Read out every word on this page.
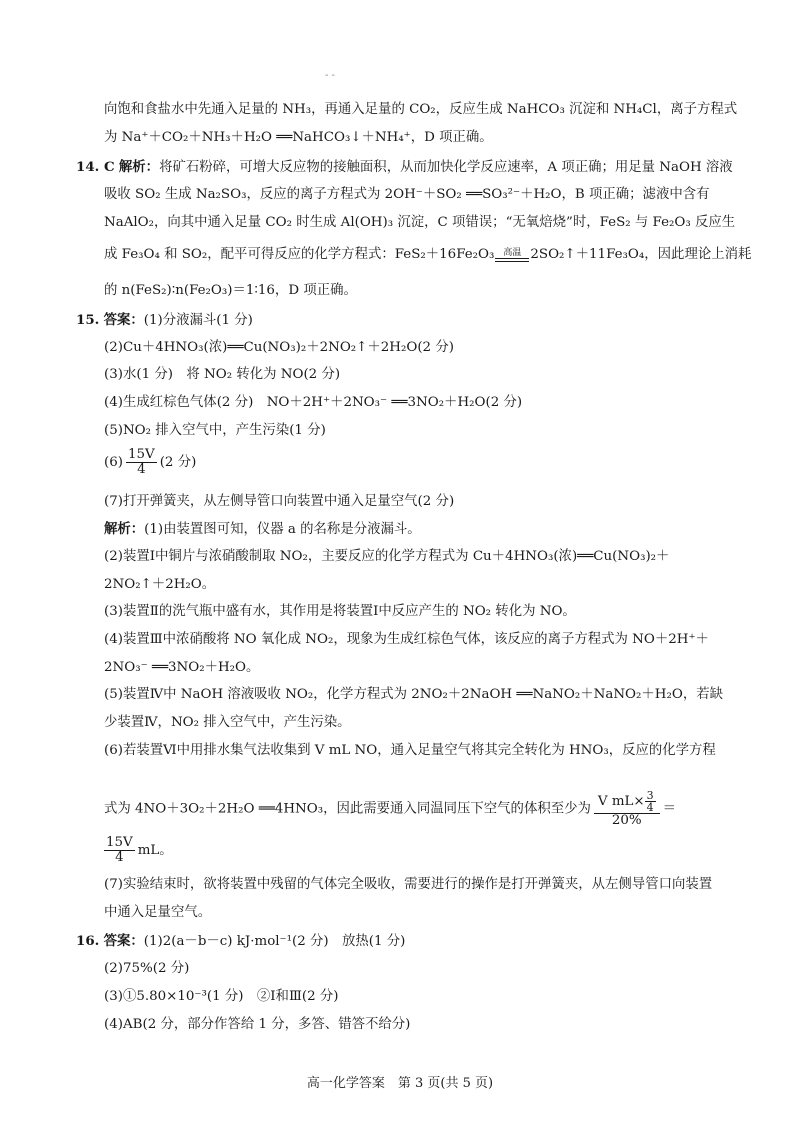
- -
向饱和食盐水中先通入足量的 NH₃，再通入足量的 CO₂，反应生成 NaHCO₃ 沉淀和 NH₄Cl，离子方程式
为 Na⁺＋CO₂＋NH₃＋H₂O ══NaHCO₃↓＋NH₄⁺，D 项正确。
14. C 解析：将矿石粉碎，可增大反应物的接触面积，从而加快化学反应速率，A 项正确；用足量 NaOH 溶液
吸收 SO₂ 生成 Na₂SO₃，反应的离子方程式为 2OH⁻＋SO₂ ══SO₃²⁻＋H₂O，B 项正确；滤液中含有
NaAlO₂，向其中通入足量 CO₂ 时生成 Al(OH)₃ 沉淀，C 项错误；“无氧焙烧”时，FeS₂ 与 Fe₂O₃ 反应生
成 Fe₃O₄ 和 SO₂，配平可得反应的化学方程式：FeS₂＋16Fe₂O₃ 高温 2SO₂↑＋11Fe₃O₄，因此理论上消耗
的 n(FeS₂)∶n(Fe₂O₃)＝1∶16，D 项正确。
15. 答案：(1)分液漏斗(1 分)
(2)Cu＋4HNO₃(浓)══Cu(NO₃)₂＋2NO₂↑＋2H₂O(2 分)
(3)水(1 分)　将 NO₂ 转化为 NO(2 分)
(4)生成红棕色气体(2 分)　NO＋2H⁺＋2NO₃⁻ ══3NO₂＋H₂O(2 分)
(5)NO₂ 排入空气中，产生污染(1 分)
$(6) \frac{15V}{4} (2$ 分)
(7)打开弹簧夹，从左侧导管口向装置中通入足量空气(2 分)
解析：(1)由装置图可知，仪器 a 的名称是分液漏斗。
(2)装置Ⅰ中铜片与浓硝酸制取 NO₂，主要反应的化学方程式为 Cu＋4HNO₃(浓)══Cu(NO₃)₂＋
2NO₂↑＋2H₂O。
(3)装置Ⅱ的洗气瓶中盛有水，其作用是将装置Ⅰ中反应产生的 NO₂ 转化为 NO。
(4)装置Ⅲ中浓硝酸将 NO 氧化成 NO₂，现象为生成红棕色气体，该反应的离子方程式为 NO＋2H⁺＋
2NO₃⁻ ══3NO₂＋H₂O。
(5)装置Ⅳ中 NaOH 溶液吸收 NO₂，化学方程式为 2NO₂＋2NaOH ══NaNO₂＋NaNO₂＋H₂O，若缺
少装置Ⅳ，NO₂ 排入空气中，产生污染。
(6)若装置Ⅵ中用排水集气法收集到 V mL NO，通入足量空气将其完全转化为 HNO₃，反应的化学方程
式为 4NO＋3O₂＋2H₂O ══4HNO₃，因此需要通入同温同压下空气的体积至少为 $\frac{V mL\times \frac{3}{4}}{20\%}$ ＝
$\frac{15V}{4}$ mL。
(7)实验结束时，欲将装置中残留的气体完全吸收，需要进行的操作是打开弹簧夹，从左侧导管口向装置
中通入足量空气。
16. 答案：(1)2(a－b－c) kJ·mol⁻¹(2 分)　放热(1 分)
(2)75%(2 分)
(3)①5.80×10⁻³(1 分)　②Ⅰ和Ⅲ(2 分)
(4)AB(2 分，部分作答给 1 分，多答、错答不给分)
高一化学答案　第 3 页(共 5 页)
